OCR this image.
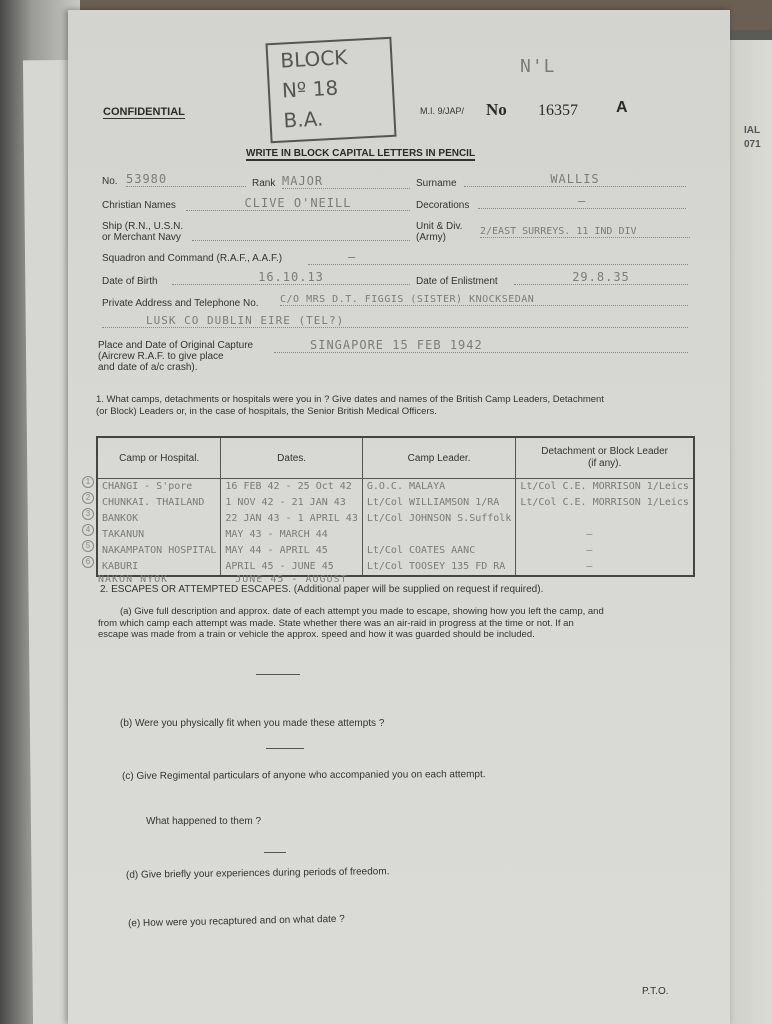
IAL
071
BLOCK
Nº 18
B.A.
N'L
CONFIDENTIAL	M.I. 9/JAP/ No 16357 A
WRITE IN BLOCK CAPITAL LETTERS IN PENCIL
No. 53980	Rank MAJOR	Surname	WALLIS
Christian Names	CLIVE O'NEILL	Decorations	—
Ship (R.N., U.S.N.
or Merchant Navy
Unit & Div.
(Army)
2/EAST SURREYS. 11 IND DIV
Squadron and Command (R.A.F., A.A.F.)	—
Date of Birth	16.10.13	Date of Enlistment	29.8.35
Private Address and Telephone No. C/O MRS D.T. FIGGIS (SISTER) KNOCKSEDAN
LUSK CO DUBLIN EIRE (TEL?)
Place and Date of Original Capture
(Aircrew R.A.F. to give place
and date of a/c crash).
SINGAPORE 15 FEB 1942
1. What camps, detachments or hospitals were you in ? Give dates and names of the British Camp Leaders, Detachment
(or Block) Leaders or, in the case of hospitals, the Senior British Medical Officers.
Camp or Hospital.	Dates.	Camp Leader.	Detachment or Block Leader (if any).
CHANGI - S'pore	16 FEB 42 - 25 Oct 42	G.O.C. MALAYA	Lt/Col C.E. MORRISON 1/Leics
CHUNKAI. THAILAND	1 NOV 42 - 21 JAN 43	Lt/Col WILLIAMSON 1/RA	Lt/Col C.E. MORRISON 1/Leics
BANKOK	22 JAN 43 - 1 APRIL 43	Lt/Col JOHNSON S.Suffolk	
TAKANUN	MAY 43 - MARCH 44		—
NAKAMPATON HOSPITAL	MAY 44 - APRIL 45	Lt/Col COATES AANC	—
KABURI	APRIL 45 - JUNE 45	Lt/Col TOOSEY 135 FD RA	—
NAKON NYOK	JUNE 45 - AUGUST
1
2
3
4
5
6
2. ESCAPES OR ATTEMPTED ESCAPES. (Additional paper will be supplied on request if required).
(a) Give full description and approx. date of each attempt you made to escape, showing how you left the camp, and
from which camp each attempt was made. State whether there was an air-raid in progress at the time or not. If an
escape was made from a train or vehicle the approx. speed and how it was guarded should be included.
(b) Were you physically fit when you made these attempts ?
(c) Give Regimental particulars of anyone who accompanied you on each attempt.
What happened to them ?
(d) Give briefly your experiences during periods of freedom.
(e) How were you recaptured and on what date ?
P.T.O.
